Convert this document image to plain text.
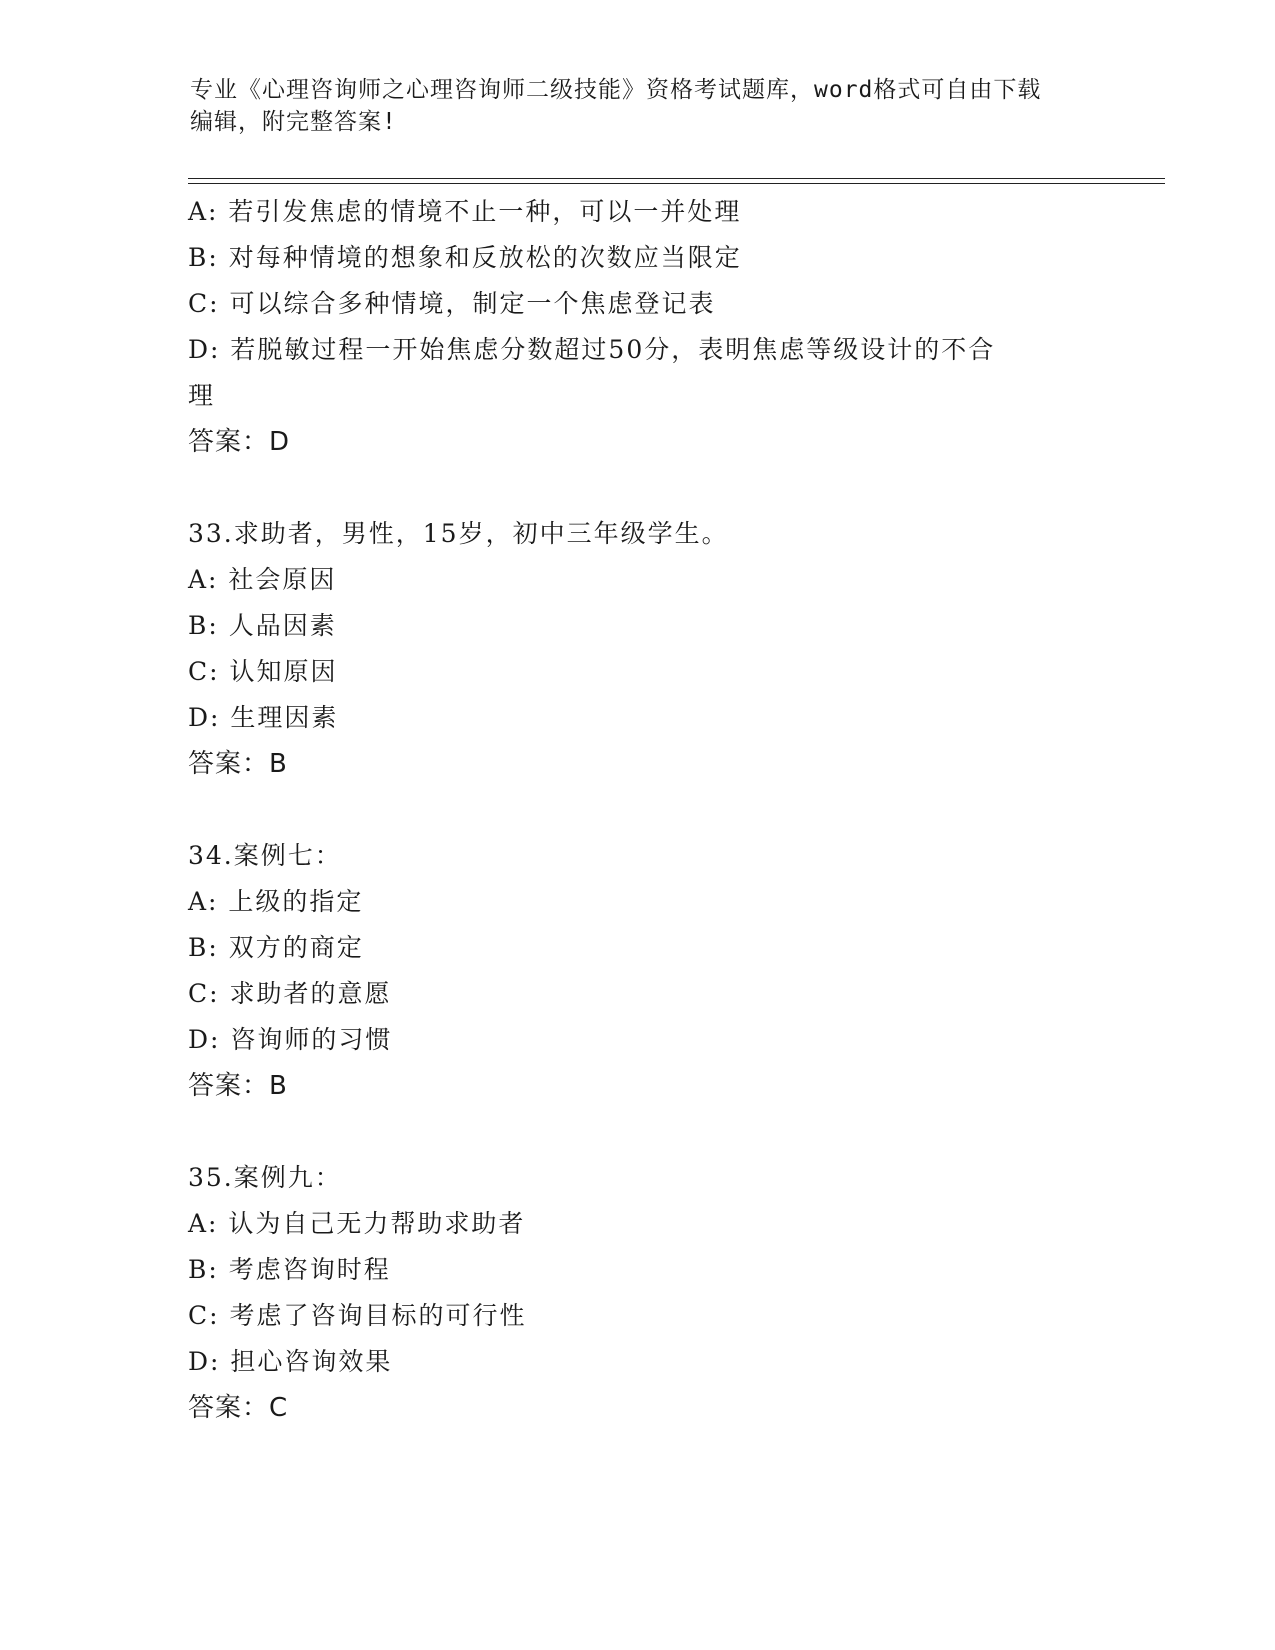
专业《心理咨询师之心理咨询师二级技能》资格考试题库，word格式可自由下载
编辑，附完整答案!
A: 若引发焦虑的情境不止一种，可以一并处理
B: 对每种情境的想象和反放松的次数应当限定
C: 可以综合多种情境，制定一个焦虑登记表
D: 若脱敏过程一开始焦虑分数超过50分，表明焦虑等级设计的不合
理
答案：D
33.求助者，男性，15岁，初中三年级学生。
A: 社会原因
B: 人品因素
C: 认知原因
D: 生理因素
答案：B
34.案例七：
A: 上级的指定
B: 双方的商定
C: 求助者的意愿
D: 咨询师的习惯
答案：B
35.案例九：
A: 认为自己无力帮助求助者
B: 考虑咨询时程
C: 考虑了咨询目标的可行性
D: 担心咨询效果
答案：C
